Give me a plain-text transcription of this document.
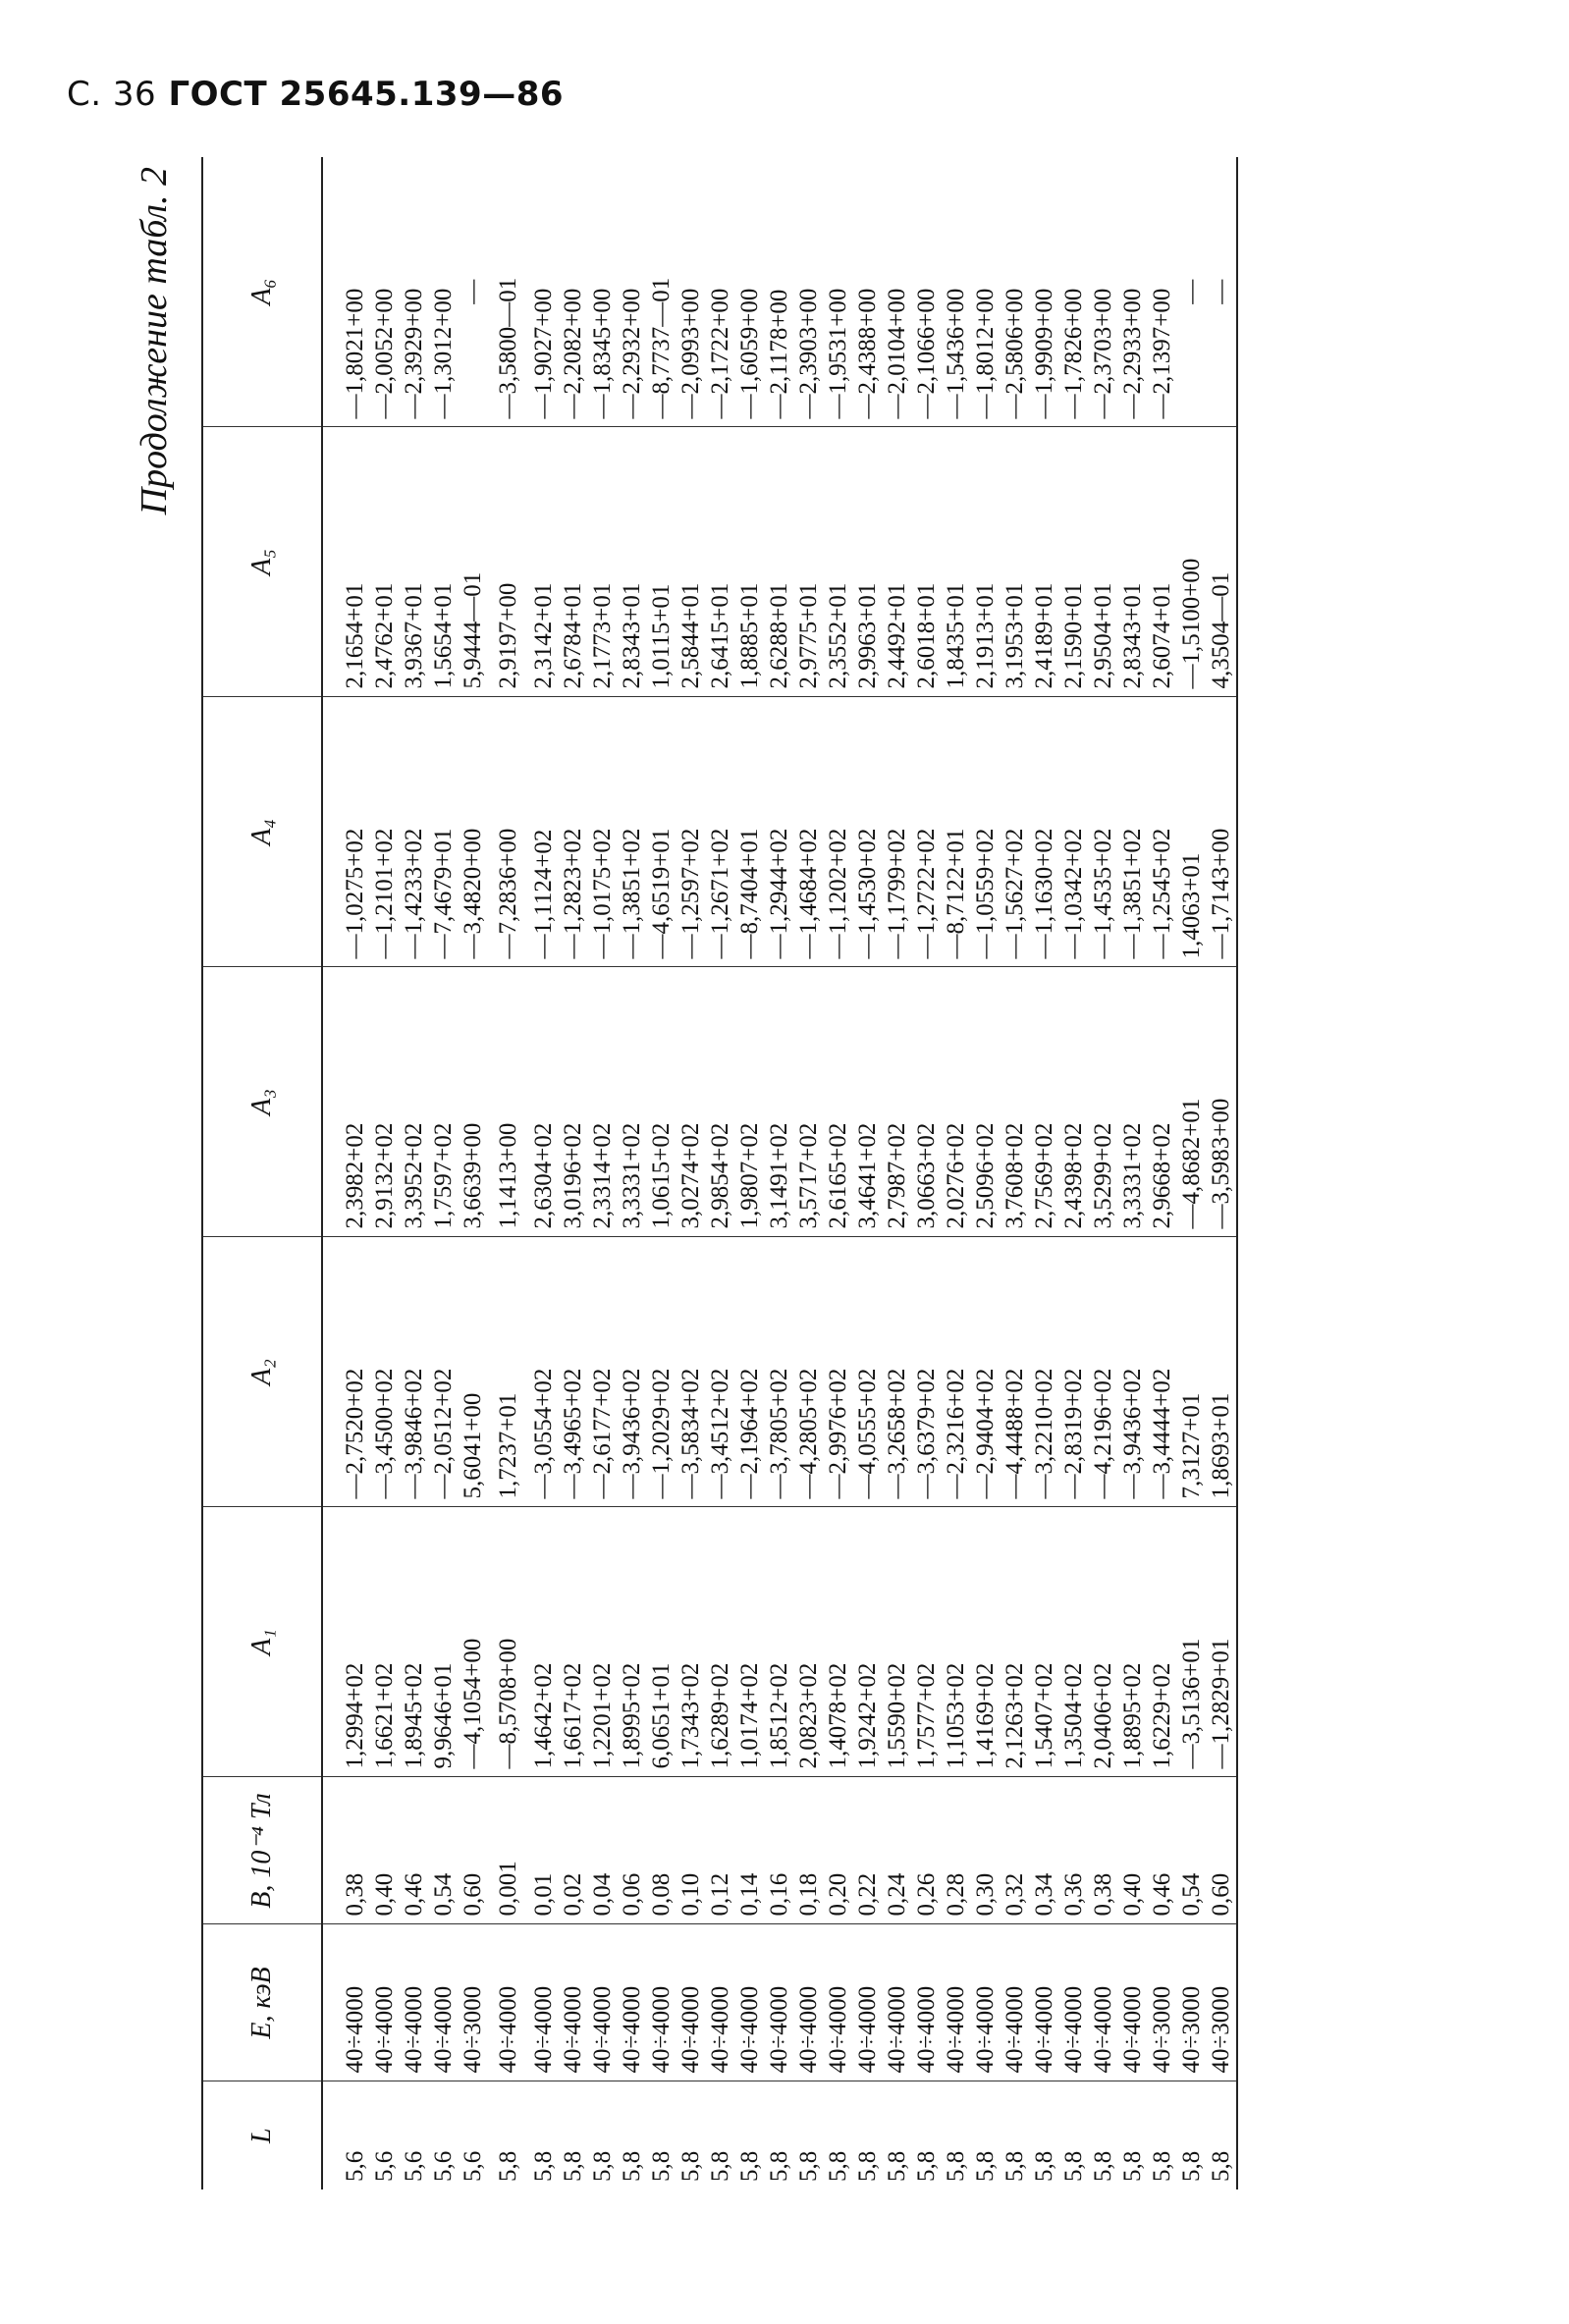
С. 36 ГОСТ 25645.139—86
Продолжение табл. 2
L	E, кэВ	B, 10⁻⁴ Тл	A₁	A₂	A₃	A₄	A₅	A₆
5,6	40÷4000	0,38	1,2994+02	—2,7520+02	2,3982+02	—1,0275+02	2,1654+01	—1,8021+00
5,6	40÷4000	0,40	1,6621+02	—3,4500+02	2,9132+02	—1,2101+02	2,4762+01	—2,0052+00
5,6	40÷4000	0,46	1,8945+02	—3,9846+02	3,3952+02	—1,4233+02	3,9367+01	—2,3929+00
5,6	40÷4000	0,54	9,9646+01	—2,0512+02	1,7597+02	—7,4679+01	1,5654+01	—1,3012+00
5,6	40÷3000	0,60	—4,1054+00	5,6041+00	3,6639+00	—3,4820+00	5,9444—01	—
5,8	40÷4000	0,001	—8,5708+00	1,7237+01	1,1413+00	—7,2836+00	2,9197+00	—3,5800—01
5,8	40÷4000	0,01	1,4642+02	—3,0554+02	2,6304+02	—1,1124+02	2,3142+01	—1,9027+00
5,8	40÷4000	0,02	1,6617+02	—3,4965+02	3,0196+02	—1,2823+02	2,6784+01	—2,2082+00
5,8	40÷4000	0,04	1,2201+02	—2,6177+02	2,3314+02	—1,0175+02	2,1773+01	—1,8345+00
5,8	40÷4000	0,06	1,8995+02	—3,9436+02	3,3331+02	—1,3851+02	2,8343+01	—2,2932+00
5,8	40÷4000	0,08	6,0651+01	—1,2029+02	1,0615+02	—4,6519+01	1,0115+01	—8,7737—01
5,8	40÷4000	0,10	1,7343+02	—3,5834+02	3,0274+02	—1,2597+02	2,5844+01	—2,0993+00
5,8	40÷4000	0,12	1,6289+02	—3,4512+02	2,9854+02	—1,2671+02	2,6415+01	—2,1722+00
5,8	40÷4000	0,14	1,0174+02	—2,1964+02	1,9807+02	—8,7404+01	1,8885+01	—1,6059+00
5,8	40÷4000	0,16	1,8512+02	—3,7805+02	3,1491+02	—1,2944+02	2,6288+01	—2,1178+00
5,8	40÷4000	0,18	2,0823+02	—4,2805+02	3,5717+02	—1,4684+02	2,9775+01	—2,3903+00
5,8	40÷4000	0,20	1,4078+02	—2,9976+02	2,6165+02	—1,1202+02	2,3552+01	—1,9531+00
5,8	40÷4000	0,22	1,9242+02	—4,0555+02	3,4641+02	—1,4530+02	2,9963+01	—2,4388+00
5,8	40÷4000	0,24	1,5590+02	—3,2658+02	2,7987+02	—1,1799+02	2,4492+01	—2,0104+00
5,8	40÷4000	0,26	1,7577+02	—3,6379+02	3,0663+02	—1,2722+02	2,6018+01	—2,1066+00
5,8	40÷4000	0,28	1,1053+02	—2,3216+02	2,0276+02	—8,7122+01	1,8435+01	—1,5436+00
5,8	40÷4000	0,30	1,4169+02	—2,9404+02	2,5096+02	—1,0559+02	2,1913+01	—1,8012+00
5,8	40÷4000	0,32	2,1263+02	—4,4488+02	3,7608+02	—1,5627+02	3,1953+01	—2,5806+00
5,8	40÷4000	0,34	1,5407+02	—3,2210+02	2,7569+02	—1,1630+02	2,4189+01	—1,9909+00
5,8	40÷4000	0,36	1,3504+02	—2,8319+02	2,4398+02	—1,0342+02	2,1590+01	—1,7826+00
5,8	40÷4000	0,38	2,0406+02	—4,2196+02	3,5299+02	—1,4535+02	2,9504+01	—2,3703+00
5,8	40÷4000	0,40	1,8895+02	—3,9436+02	3,3331+02	—1,3851+02	2,8343+01	—2,2933+00
5,8	40÷3000	0,46	1,6229+02	—3,4444+02	2,9668+02	—1,2545+02	2,6074+01	—2,1397+00
5,8	40÷3000	0,54	—3,5136+01	7,3127+01	—4,8682+01	1,4063+01	—1,5100+00	—
5,8	40÷3000	0,60	—1,2829+01	1,8693+01	—3,5983+00	—1,7143+00	4,3504—01	—
